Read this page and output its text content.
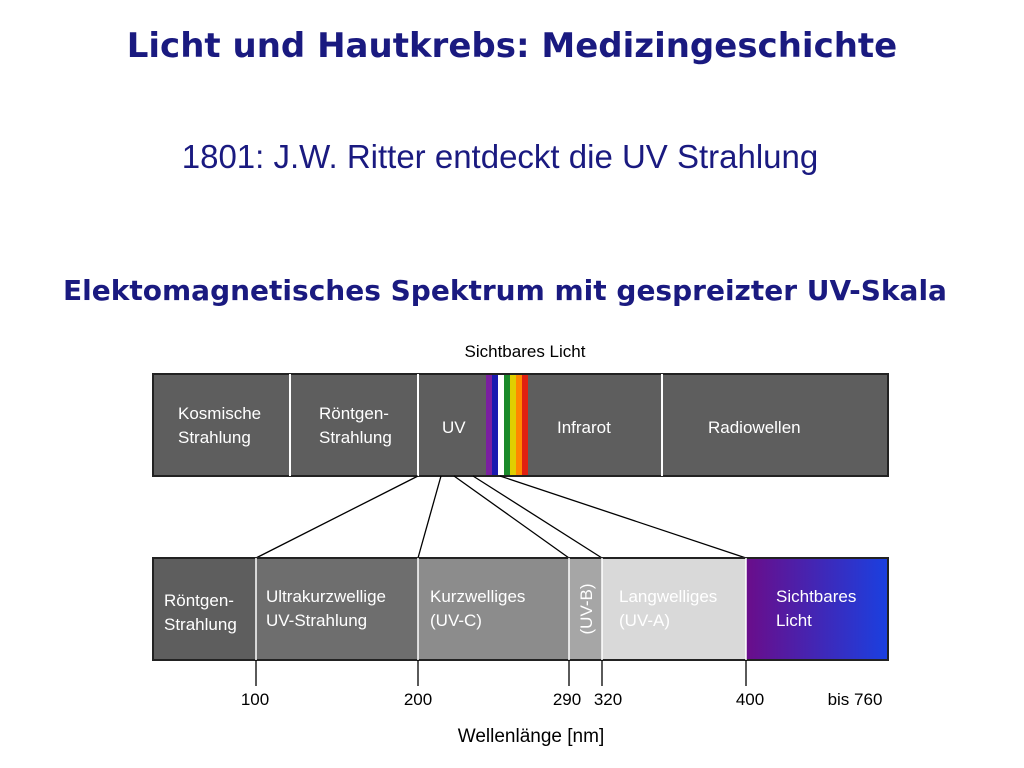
Licht und Hautkrebs: Medizingeschichte
1801: J.W. Ritter entdeckt die UV Strahlung
Elektomagnetisches Spektrum mit gespreizter UV-Skala
Sichtbares Licht
Kosmische
Strahlung
Röntgen-
Strahlung
UV	Infrarot	Radiowellen
Röntgen-
Strahlung
Ultrakurzwellige
UV-Strahlung
Kurzwelliges
(UV-C)	(UV-B) Langwelliges
(UV-A)
Sichtbares
Licht
100	200	290 320	400	bis 760
Wellenlänge [nm]
